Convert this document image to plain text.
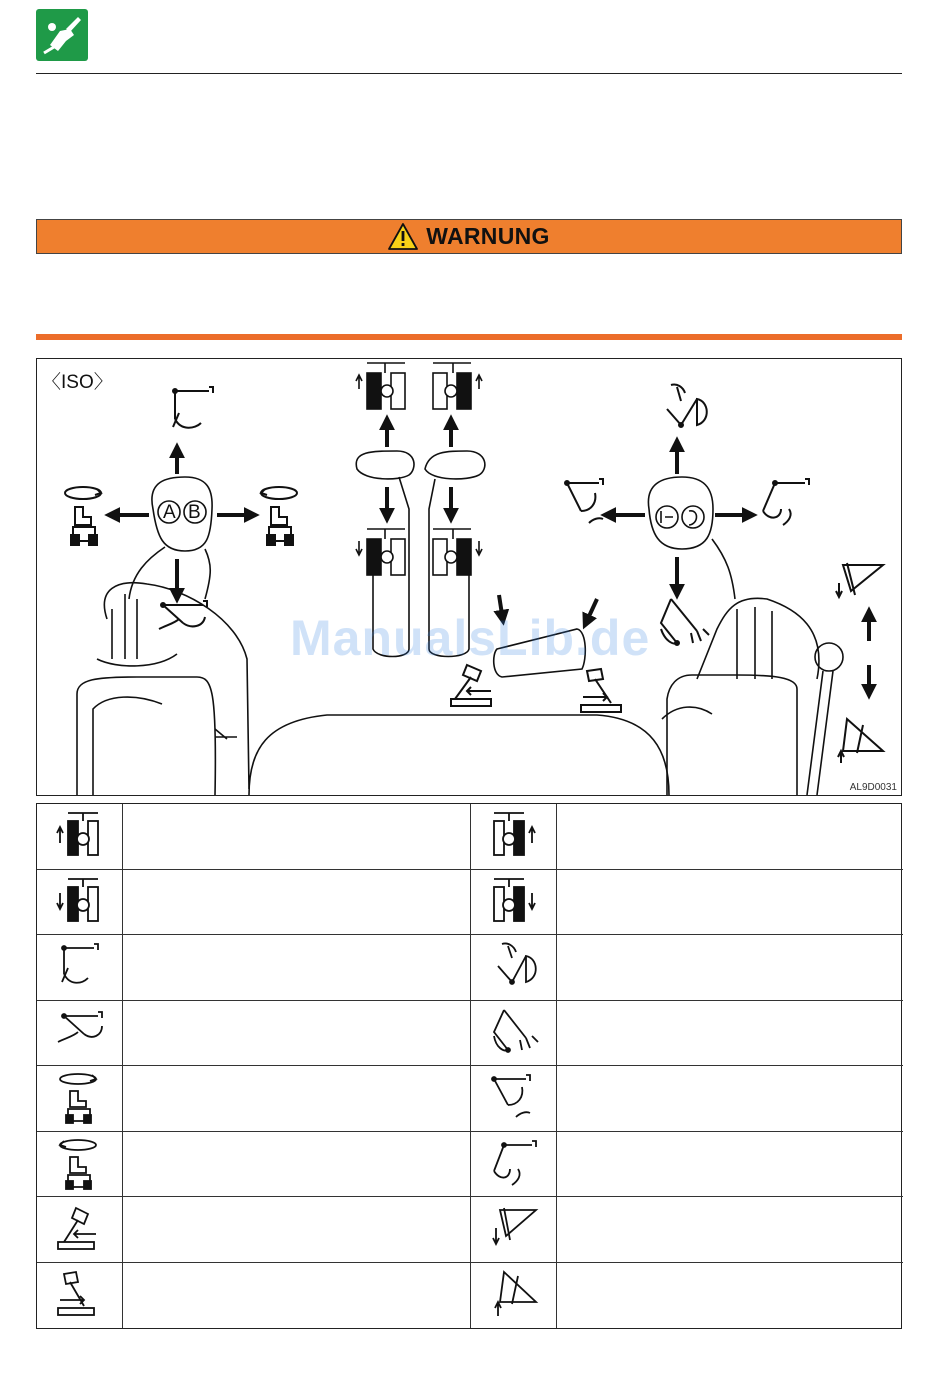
WARNUNG
〈ISO〉
A B
ManualsLib.de
AL9D0031
